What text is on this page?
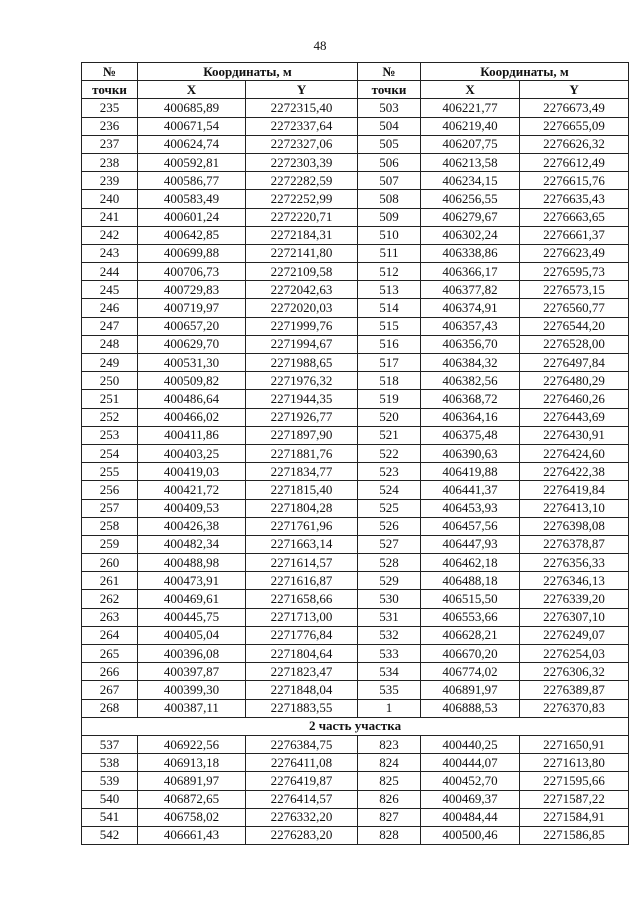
48
№	Координаты, м		№	Координаты, м	
точки	X	Y	точки	X	Y
235	400685,89	2272315,40	503	406221,77	2276673,49
236	400671,54	2272337,64	504	406219,40	2276655,09
237	400624,74	2272327,06	505	406207,75	2276626,32
238	400592,81	2272303,39	506	406213,58	2276612,49
239	400586,77	2272282,59	507	406234,15	2276615,76
240	400583,49	2272252,99	508	406256,55	2276635,43
241	400601,24	2272220,71	509	406279,67	2276663,65
242	400642,85	2272184,31	510	406302,24	2276661,37
243	400699,88	2272141,80	511	406338,86	2276623,49
244	400706,73	2272109,58	512	406366,17	2276595,73
245	400729,83	2272042,63	513	406377,82	2276573,15
246	400719,97	2272020,03	514	406374,91	2276560,77
247	400657,20	2271999,76	515	406357,43	2276544,20
248	400629,70	2271994,67	516	406356,70	2276528,00
249	400531,30	2271988,65	517	406384,32	2276497,84
250	400509,82	2271976,32	518	406382,56	2276480,29
251	400486,64	2271944,35	519	406368,72	2276460,26
252	400466,02	2271926,77	520	406364,16	2276443,69
253	400411,86	2271897,90	521	406375,48	2276430,91
254	400403,25	2271881,76	522	406390,63	2276424,60
255	400419,03	2271834,77	523	406419,88	2276422,38
256	400421,72	2271815,40	524	406441,37	2276419,84
257	400409,53	2271804,28	525	406453,93	2276413,10
258	400426,38	2271761,96	526	406457,56	2276398,08
259	400482,34	2271663,14	527	406447,93	2276378,87
260	400488,98	2271614,57	528	406462,18	2276356,33
261	400473,91	2271616,87	529	406488,18	2276346,13
262	400469,61	2271658,66	530	406515,50	2276339,20
263	400445,75	2271713,00	531	406553,66	2276307,10
264	400405,04	2271776,84	532	406628,21	2276249,07
265	400396,08	2271804,64	533	406670,20	2276254,03
266	400397,87	2271823,47	534	406774,02	2276306,32
267	400399,30	2271848,04	535	406891,97	2276389,87
268	400387,11	2271883,55	1	406888,53	2276370,83
2 часть участка					
537	406922,56	2276384,75	823	400440,25	2271650,91
538	406913,18	2276411,08	824	400444,07	2271613,80
539	406891,97	2276419,87	825	400452,70	2271595,66
540	406872,65	2276414,57	826	400469,37	2271587,22
541	406758,02	2276332,20	827	400484,44	2271584,91
542	406661,43	2276283,20	828	400500,46	2271586,85
